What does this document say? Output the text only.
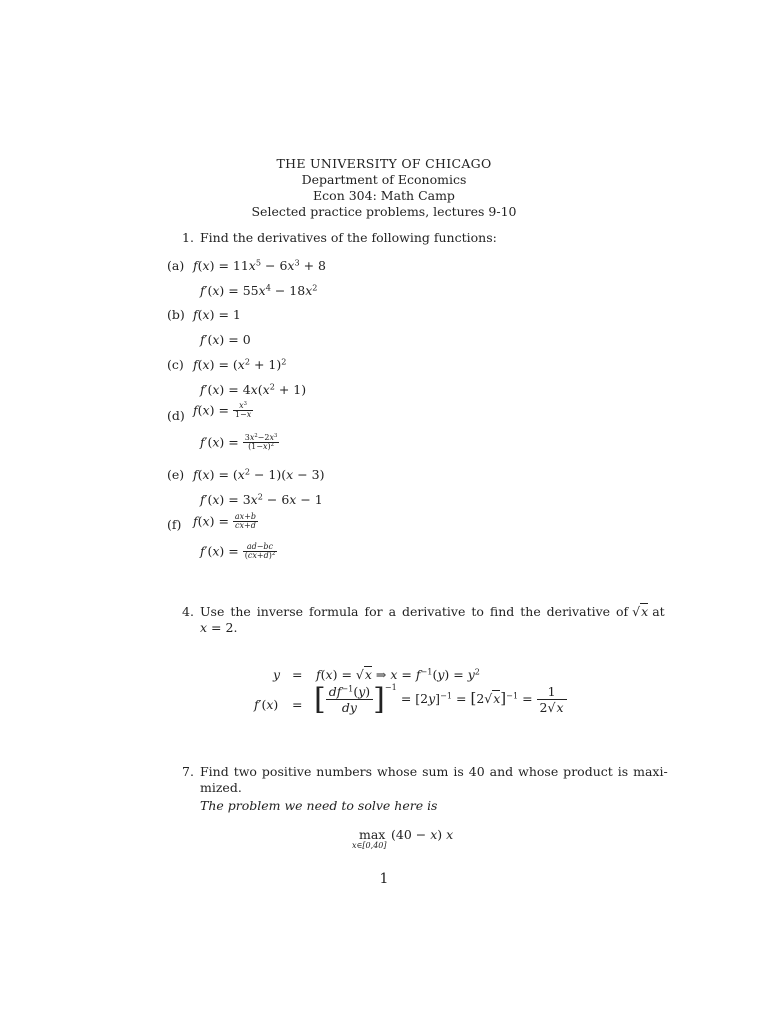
THE UNIVERSITY OF CHICAGO
Department of Economics
Econ 304: Math Camp
Selected practice problems, lectures 9-10
1. Find the derivatives of the following functions:
(a) $f(x) = 11x^5 - 6x^3 + 8$
$f'(x) = 55x^4 - 18x^2$
(b) f(x) = 1
f′(x) = 0
(c) $f(x) = (x^2 + 1)^2$
$f'(x) = 4x(x^2 + 1)$
(d) $f(x) = \frac{x^3}{1-x}$
$f'(x) = \frac{3x^2-2x^3}{(1-x)^2}$
(e) $f(x) = (x^2 - 1)(x - 3)$
$f'(x) = 3x^2 - 6x - 1$
(f) $f(x) = \frac{ax+b}{cx+d}$
$f'(x) = \frac{ad-bc}{(cx+d)^2}$
4. Use the inverse formula for a derivative to find the derivative of √x at
x = 2.
y = f(x) = √x ⇒ $x = f^{-1}(y) = y^2$
f′(x) = [ $\frac{df^{-1}(y)}{dy} ]^{-1} = [2y]^{-1} = [2√x]^{-1} = \frac{1}{2√x}$
7. Find two positive numbers whose sum is 40 and whose product is maxi-
mized.
The problem we need to solve here is
max
x∈[0,40]
(40 − x) x
1
